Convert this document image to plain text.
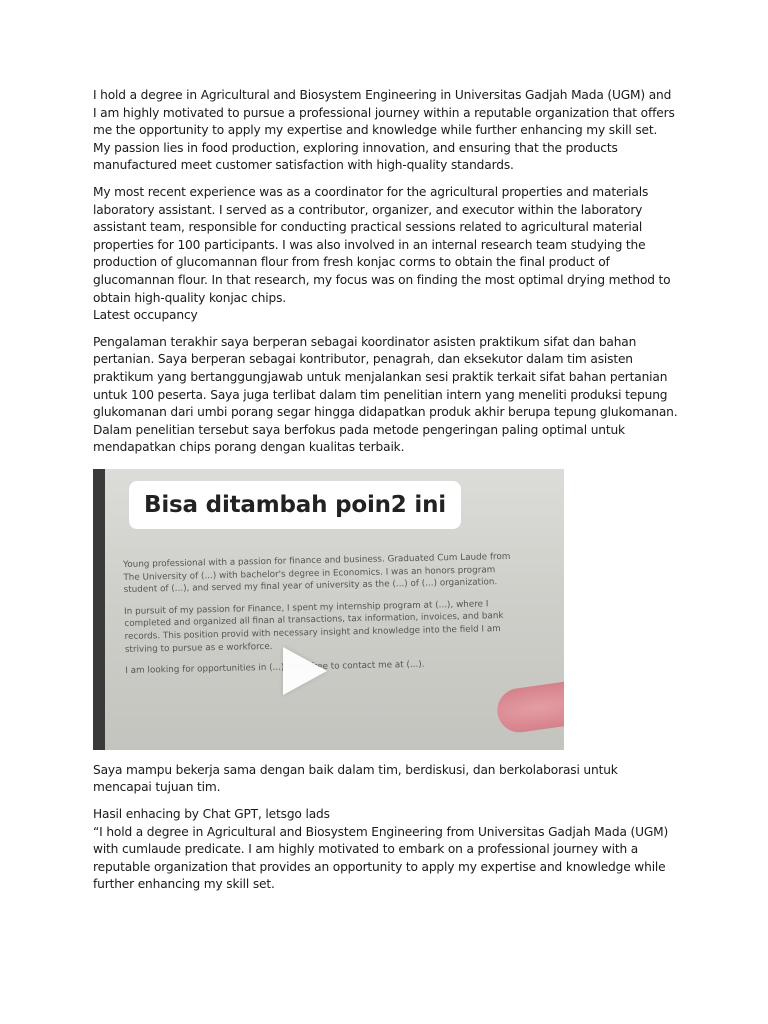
I hold a degree in Agricultural and Biosystem Engineering in Universitas Gadjah Mada (UGM) and I am highly motivated to pursue a professional journey within a reputable organization that offers me the opportunity to apply my expertise and knowledge while further enhancing my skill set. My passion lies in food production, exploring innovation, and ensuring that the products manufactured meet customer satisfaction with high-quality standards.

My most recent experience was as a coordinator for the agricultural properties and materials laboratory assistant. I served as a contributor, organizer, and executor within the laboratory assistant team, responsible for conducting practical sessions related to agricultural material properties for 100 participants. I was also involved in an internal research team studying the production of glucomannan flour from fresh konjac corms to obtain the final product of glucomannan flour. In that research, my focus was on finding the most optimal drying method to obtain high-quality konjac chips.

Latest occupancy

Pengalaman terakhir saya berperan sebagai koordinator asisten praktikum sifat dan bahan pertanian. Saya berperan sebagai kontributor, penagrah, dan eksekutor dalam tim asisten praktikum yang bertanggungjawab untuk menjalankan sesi praktik terkait sifat bahan pertanian untuk 100 peserta. Saya juga terlibat dalam tim penelitian intern yang meneliti produksi tepung glukomanan dari umbi porang segar hingga didapatkan produk akhir berupa tepung glukomanan. Dalam penelitian tersebut saya berfokus pada metode pengeringan paling optimal untuk mendapatkan chips porang dengan kualitas terbaik.

Bisa ditambah poin2 ini
Young professional with a passion for finance and business. Graduated Cum Laude from The University of (...) with bachelor's degree in Economics. I was an honors program student of (...), and served my final year of university as the (...) of (...) organization.
In pursuit of my passion for Finance, I spent my internship program at (...), where I completed and organized all finan al transactions, tax information, invoices, and bank records. This position provid with necessary insight and knowledge into the field I am striving to pursue as e workforce.
I am looking for opportunities in (...). Feel free to contact me at (...).

Saya mampu bekerja sama dengan baik dalam tim, berdiskusi, dan berkolaborasi untuk mencapai tujuan tim.

Hasil enhacing by Chat GPT, letsgo lads

“I hold a degree in Agricultural and Biosystem Engineering from Universitas Gadjah Mada (UGM) with cumlaude predicate. I am highly motivated to embark on a professional journey with a reputable organization that provides an opportunity to apply my expertise and knowledge while further enhancing my skill set.
